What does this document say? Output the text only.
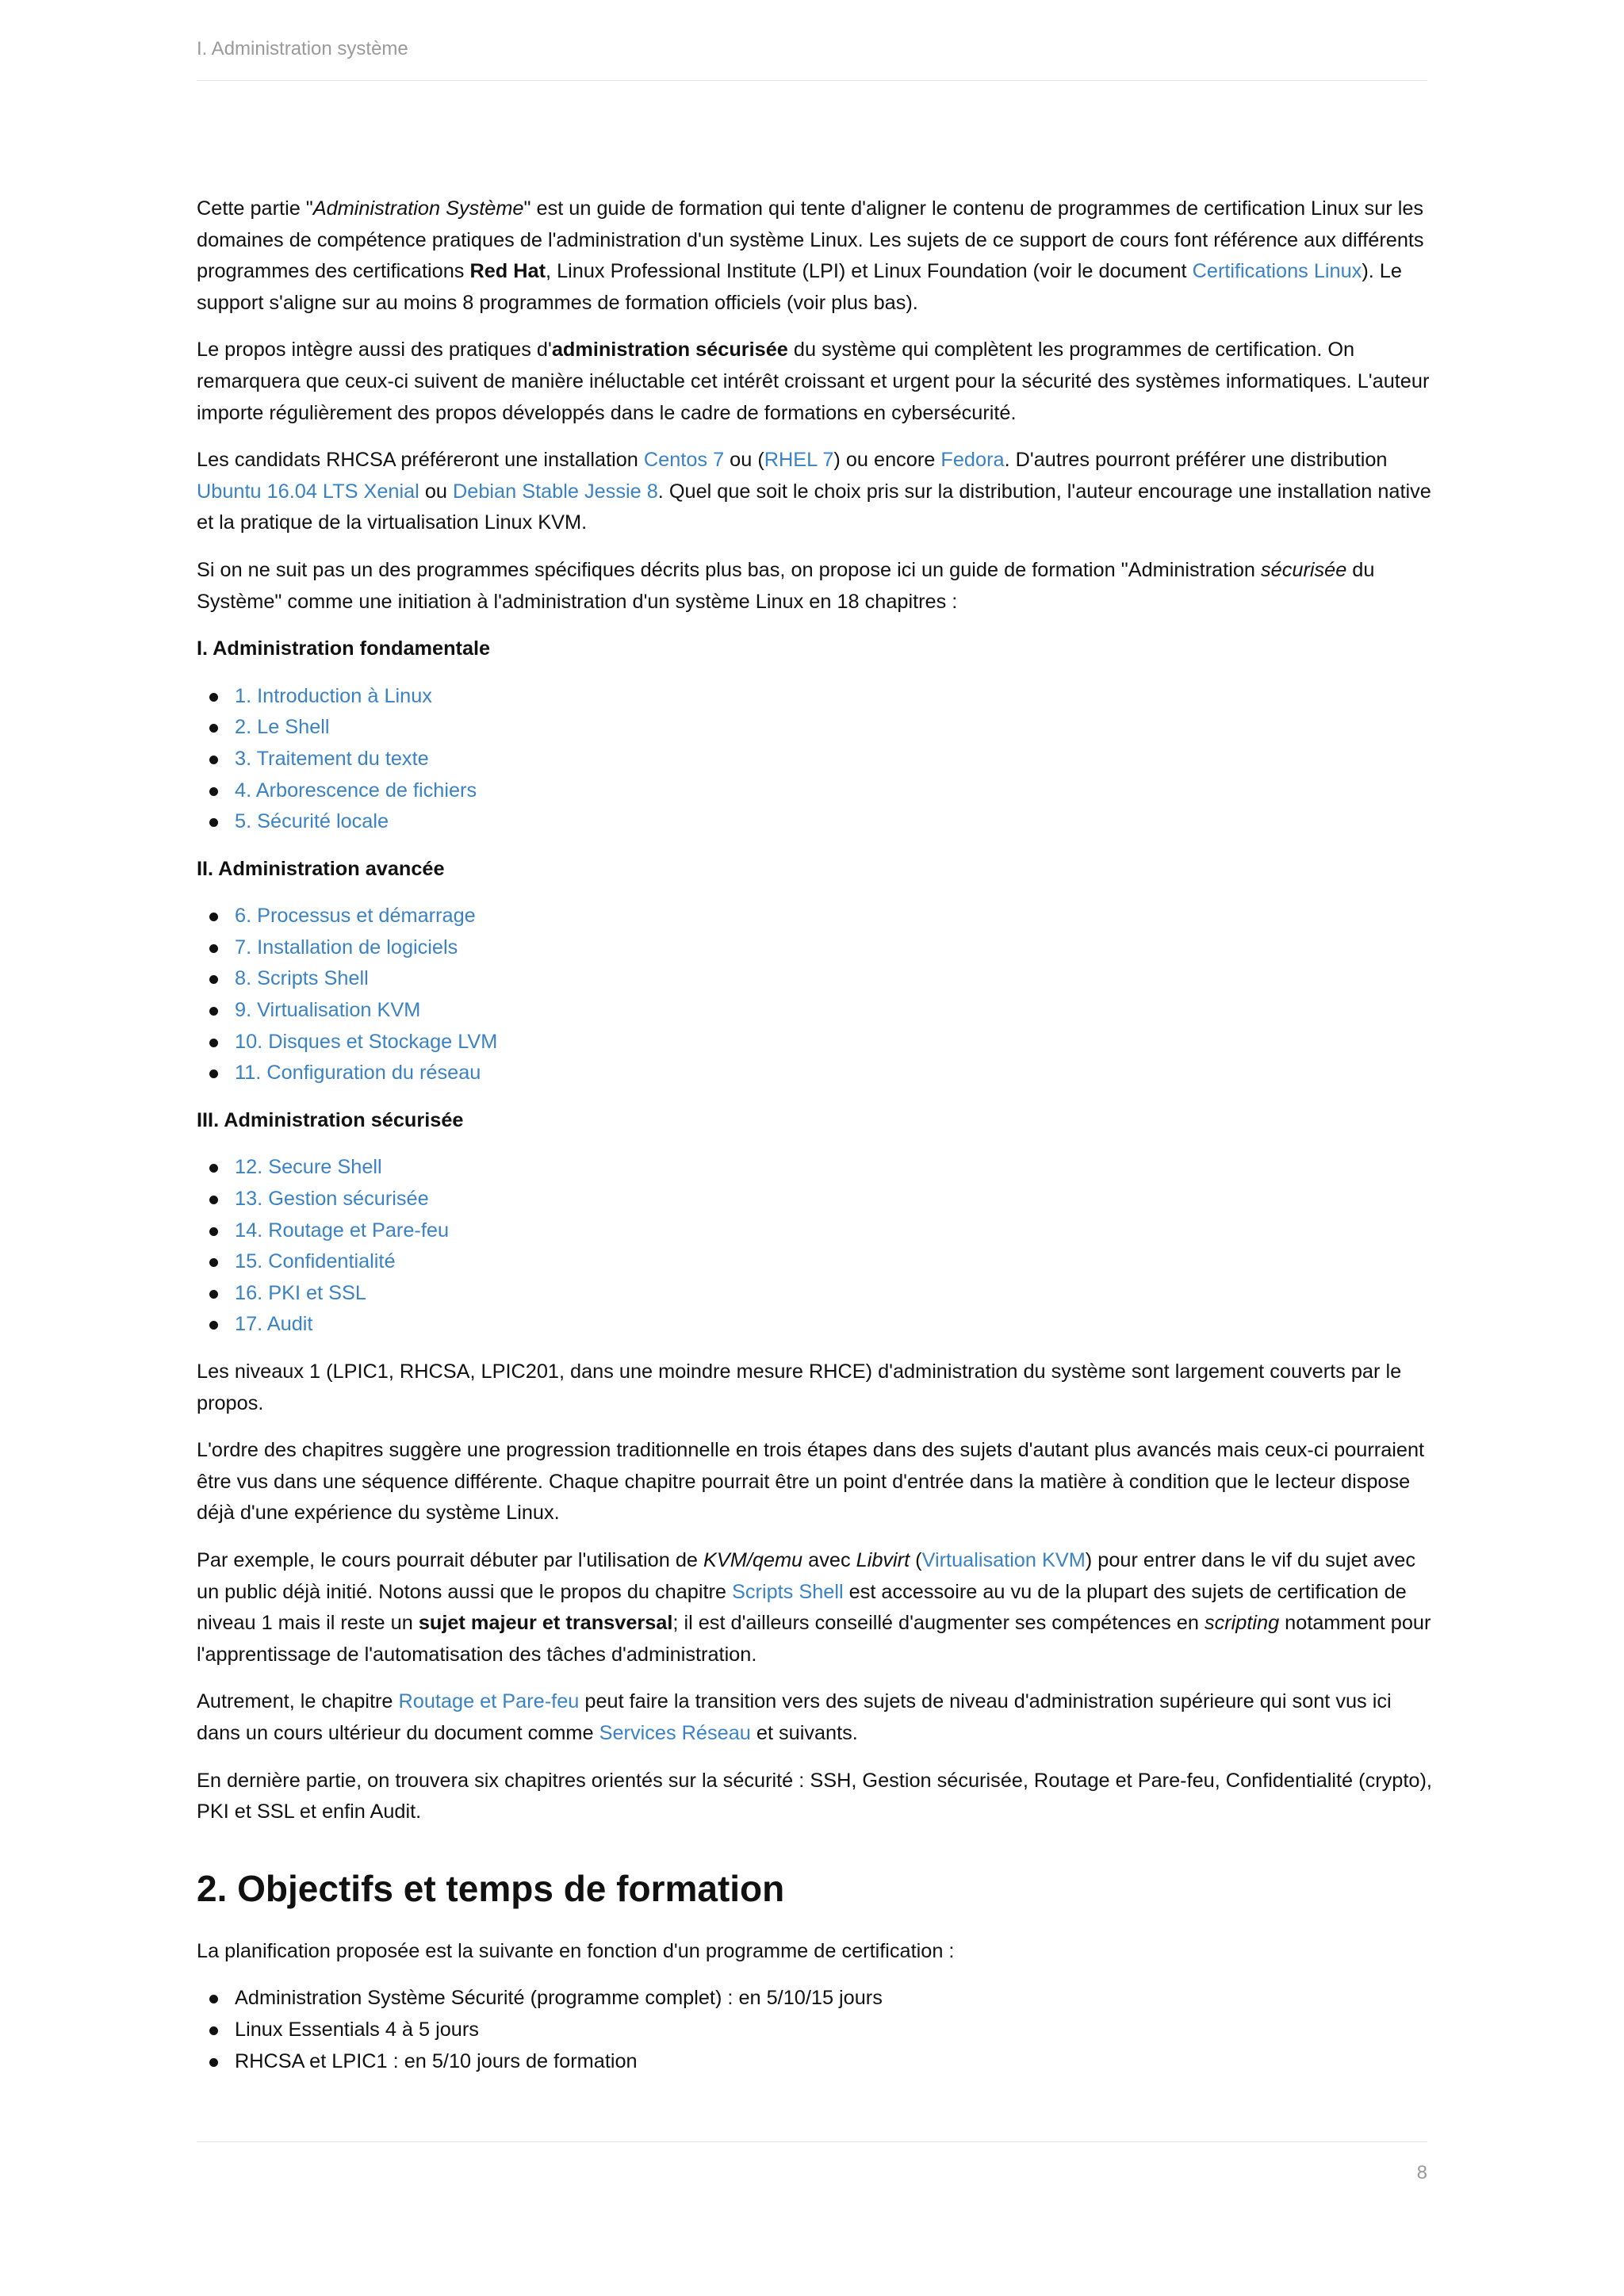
I. Administration système

Cette partie "Administration Système" est un guide de formation qui tente d'aligner le contenu de programmes de certification Linux sur les domaines de compétence pratiques de l'administration d'un système Linux. Les sujets de ce support de cours font référence aux différents programmes des certifications Red Hat, Linux Professional Institute (LPI) et Linux Foundation (voir le document Certifications Linux). Le support s'aligne sur au moins 8 programmes de formation officiels (voir plus bas).

Le propos intègre aussi des pratiques d'administration sécurisée du système qui complètent les programmes de certification. On remarquera que ceux-ci suivent de manière inéluctable cet intérêt croissant et urgent pour la sécurité des systèmes informatiques. L'auteur importe régulièrement des propos développés dans le cadre de formations en cybersécurité.

Les candidats RHCSA préféreront une installation Centos 7 ou (RHEL 7) ou encore Fedora. D'autres pourront préférer une distribution Ubuntu 16.04 LTS Xenial ou Debian Stable Jessie 8. Quel que soit le choix pris sur la distribution, l'auteur encourage une installation native et la pratique de la virtualisation Linux KVM.

Si on ne suit pas un des programmes spécifiques décrits plus bas, on propose ici un guide de formation "Administration sécurisée du Système" comme une initiation à l'administration d'un système Linux en 18 chapitres :

I. Administration fondamentale
1. Introduction à Linux
2. Le Shell
3. Traitement du texte
4. Arborescence de fichiers
5. Sécurité locale
II. Administration avancée
6. Processus et démarrage
7. Installation de logiciels
8. Scripts Shell
9. Virtualisation KVM
10. Disques et Stockage LVM
11. Configuration du réseau
III. Administration sécurisée
12. Secure Shell
13. Gestion sécurisée
14. Routage et Pare-feu
15. Confidentialité
16. PKI et SSL
17. Audit

Les niveaux 1 (LPIC1, RHCSA, LPIC201, dans une moindre mesure RHCE) d'administration du système sont largement couverts par le propos.

L'ordre des chapitres suggère une progression traditionnelle en trois étapes dans des sujets d'autant plus avancés mais ceux-ci pourraient être vus dans une séquence différente. Chaque chapitre pourrait être un point d'entrée dans la matière à condition que le lecteur dispose déjà d'une expérience du système Linux.

Par exemple, le cours pourrait débuter par l'utilisation de KVM/qemu avec Libvirt (Virtualisation KVM) pour entrer dans le vif du sujet avec un public déjà initié. Notons aussi que le propos du chapitre Scripts Shell est accessoire au vu de la plupart des sujets de certification de niveau 1 mais il reste un sujet majeur et transversal; il est d'ailleurs conseillé d'augmenter ses compétences en scripting notamment pour l'apprentissage de l'automatisation des tâches d'administration.

Autrement, le chapitre Routage et Pare-feu peut faire la transition vers des sujets de niveau d'administration supérieure qui sont vus ici dans un cours ultérieur du document comme Services Réseau et suivants.

En dernière partie, on trouvera six chapitres orientés sur la sécurité : SSH, Gestion sécurisée, Routage et Pare-feu, Confidentialité (crypto), PKI et SSL et enfin Audit.

2. Objectifs et temps de formation

La planification proposée est la suivante en fonction d'un programme de certification :

Administration Système Sécurité (programme complet) : en 5/10/15 jours
Linux Essentials 4 à 5 jours
RHCSA et LPIC1 : en 5/10 jours de formation
8
